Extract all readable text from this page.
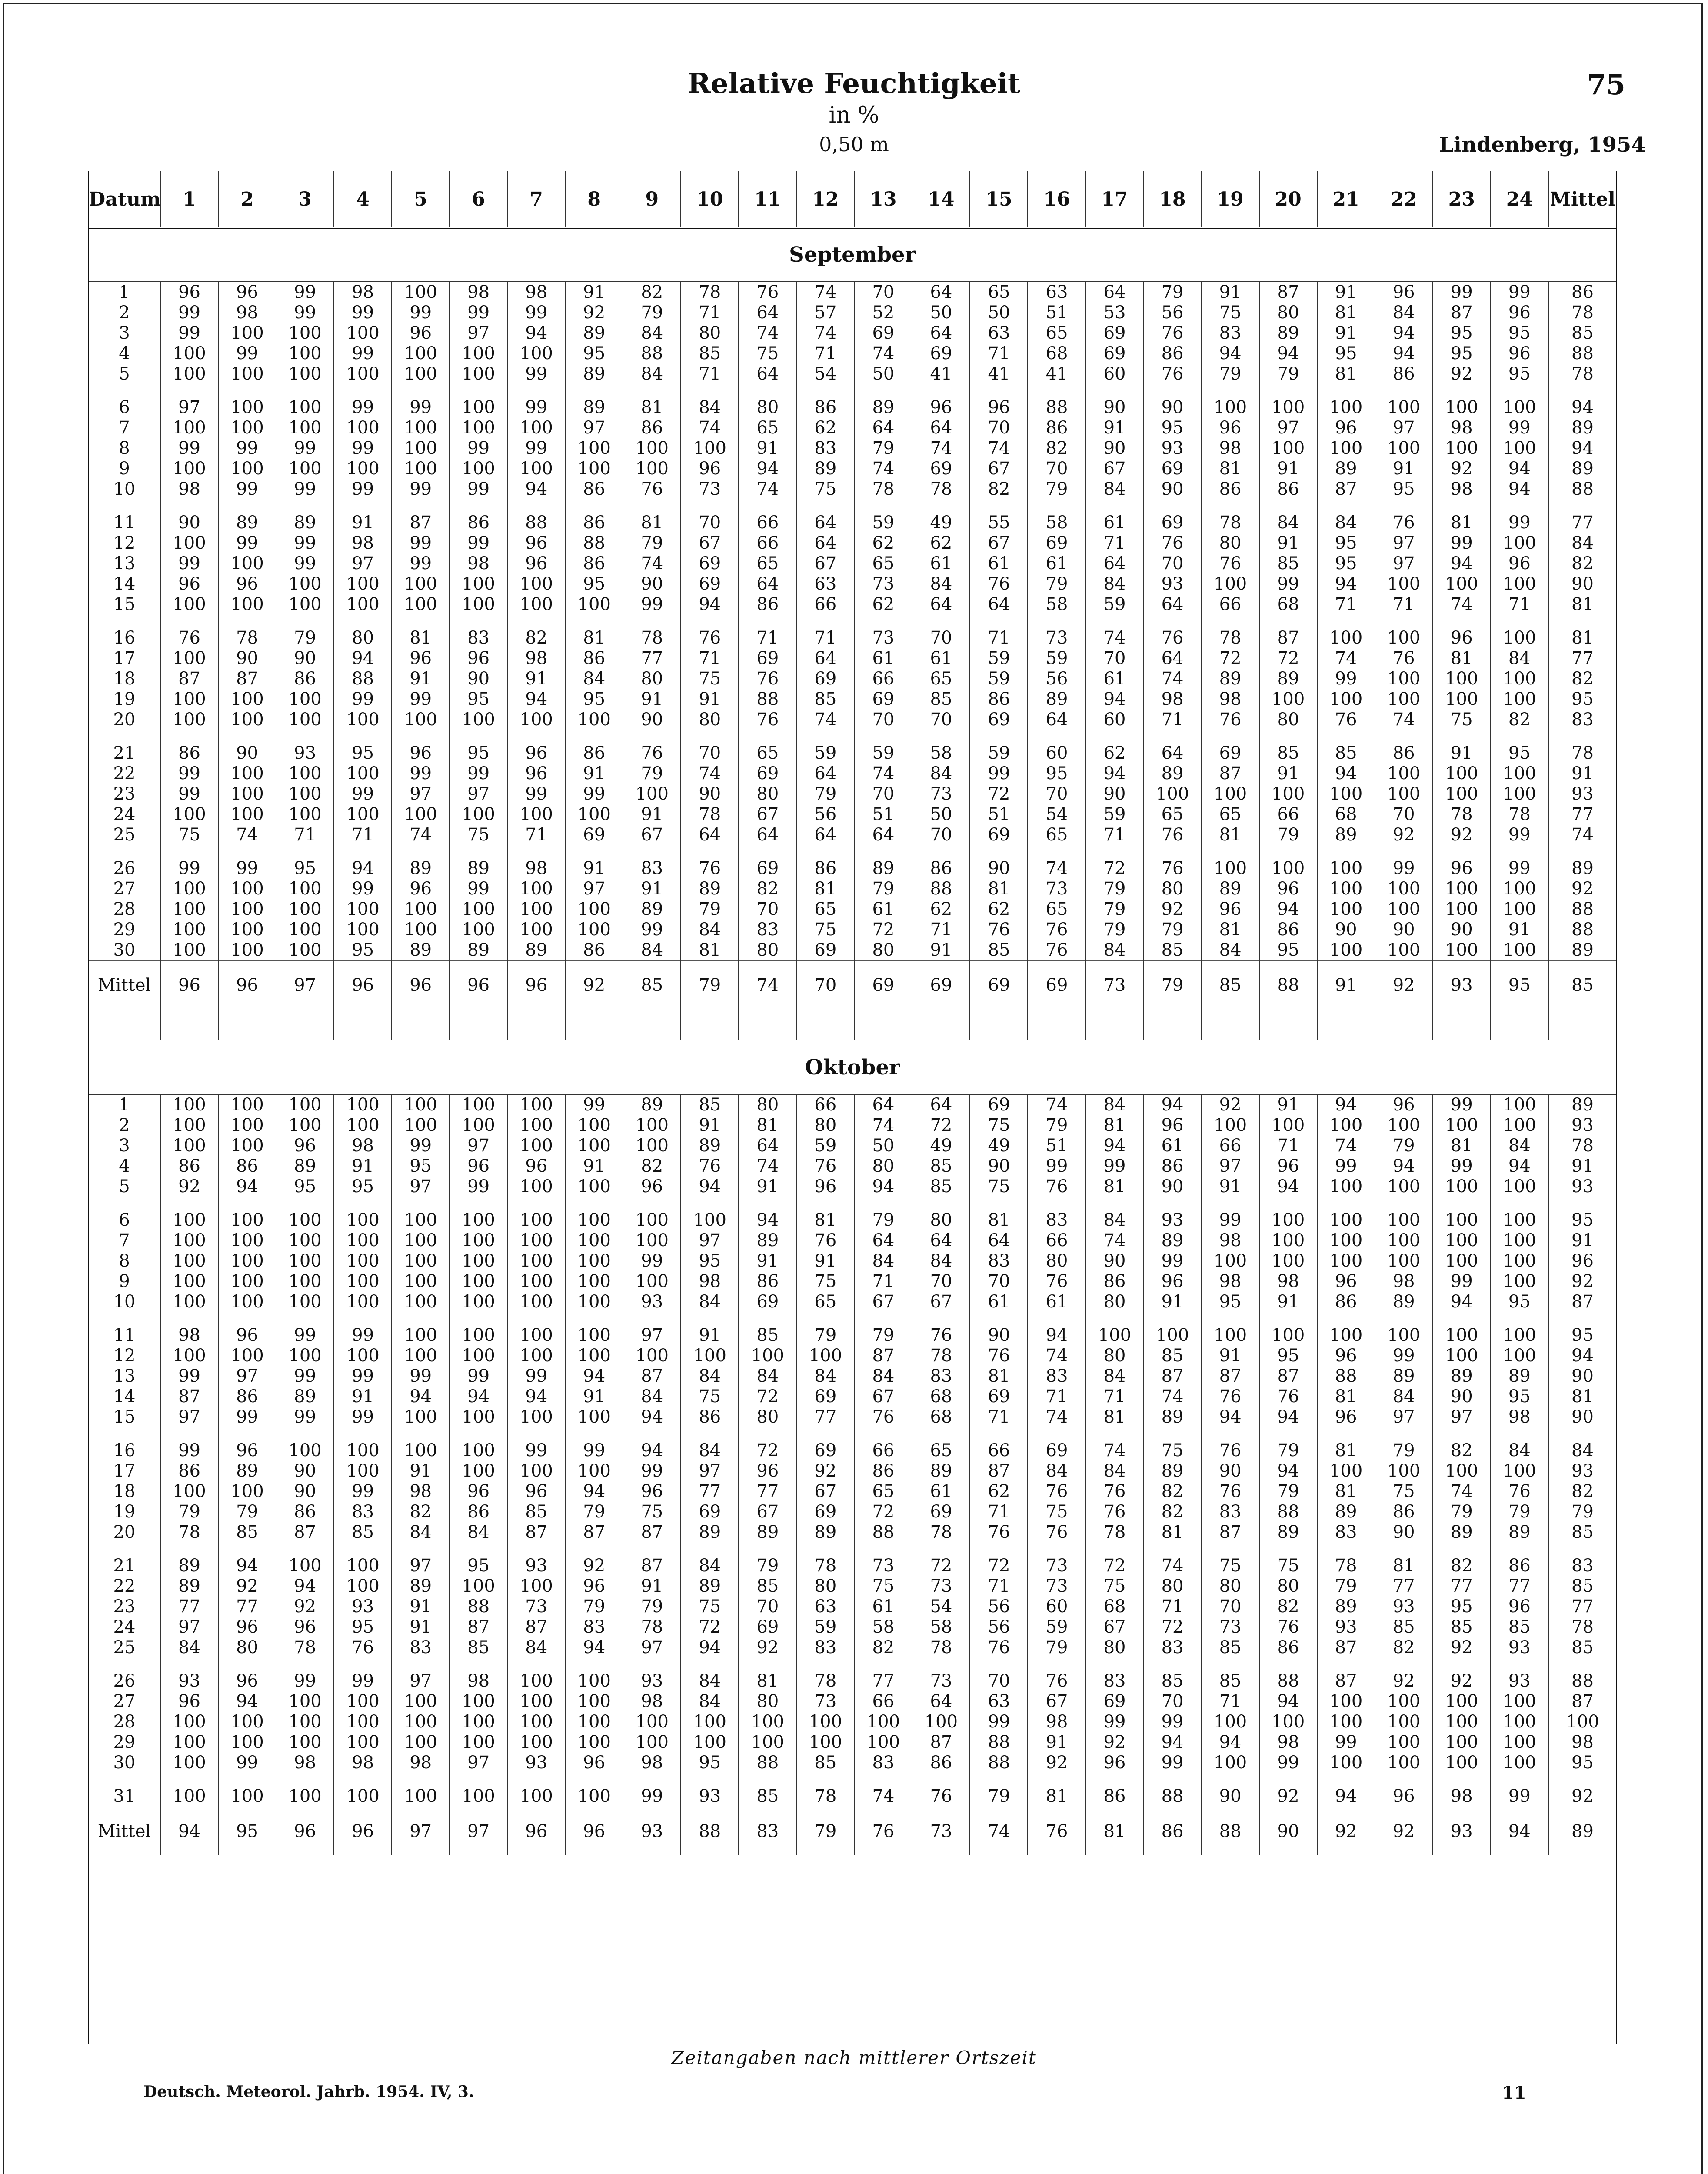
Relative Feuchtigkeit
in %
0,50 m
75
Lindenberg, 1954
Datum	1	2	3	4	5	6	7	8	9	10	11	12	13	14	15	16	17	18	19	20	21	22	23	24	Mittel
September																									
1	96	96	99	98	100	98	98	91	82	78	76	74	70	64	65	63	64	79	91	87	91	96	99	99	86
2	99	98	99	99	99	99	99	92	79	71	64	57	52	50	50	51	53	56	75	80	81	84	87	96	78
3	99	100	100	100	96	97	94	89	84	80	74	74	69	64	63	65	69	76	83	89	91	94	95	95	85
4	100	99	100	99	100	100	100	95	88	85	75	71	74	69	71	68	69	86	94	94	95	94	95	96	88
5	100	100	100	100	100	100	99	89	84	71	64	54	50	41	41	41	60	76	79	79	81	86	92	95	78

6	97	100	100	99	99	100	99	89	81	84	80	86	89	96	96	88	90	90	100	100	100	100	100	100	94
7	100	100	100	100	100	100	100	97	86	74	65	62	64	64	70	86	91	95	96	97	96	97	98	99	89
8	99	99	99	99	100	99	99	100	100	100	91	83	79	74	74	82	90	93	98	100	100	100	100	100	94
9	100	100	100	100	100	100	100	100	100	96	94	89	74	69	67	70	67	69	81	91	89	91	92	94	89
10	98	99	99	99	99	99	94	86	76	73	74	75	78	78	82	79	84	90	86	86	87	95	98	94	88

11	90	89	89	91	87	86	88	86	81	70	66	64	59	49	55	58	61	69	78	84	84	76	81	99	77
12	100	99	99	98	99	99	96	88	79	67	66	64	62	62	67	69	71	76	80	91	95	97	99	100	84
13	99	100	99	97	99	98	96	86	74	69	65	67	65	61	61	61	64	70	76	85	95	97	94	96	82
14	96	96	100	100	100	100	100	95	90	69	64	63	73	84	76	79	84	93	100	99	94	100	100	100	90
15	100	100	100	100	100	100	100	100	99	94	86	66	62	64	64	58	59	64	66	68	71	71	74	71	81

16	76	78	79	80	81	83	82	81	78	76	71	71	73	70	71	73	74	76	78	87	100	100	96	100	81
17	100	90	90	94	96	96	98	86	77	71	69	64	61	61	59	59	70	64	72	72	74	76	81	84	77
18	87	87	86	88	91	90	91	84	80	75	76	69	66	65	59	56	61	74	89	89	99	100	100	100	82
19	100	100	100	99	99	95	94	95	91	91	88	85	69	85	86	89	94	98	98	100	100	100	100	100	95
20	100	100	100	100	100	100	100	100	90	80	76	74	70	70	69	64	60	71	76	80	76	74	75	82	83

21	86	90	93	95	96	95	96	86	76	70	65	59	59	58	59	60	62	64	69	85	85	86	91	95	78
22	99	100	100	100	99	99	96	91	79	74	69	64	74	84	99	95	94	89	87	91	94	100	100	100	91
23	99	100	100	99	97	97	99	99	100	90	80	79	70	73	72	70	90	100	100	100	100	100	100	100	93
24	100	100	100	100	100	100	100	100	91	78	67	56	51	50	51	54	59	65	65	66	68	70	78	78	77
25	75	74	71	71	74	75	71	69	67	64	64	64	64	70	69	65	71	76	81	79	89	92	92	99	74

26	99	99	95	94	89	89	98	91	83	76	69	86	89	86	90	74	72	76	100	100	100	99	96	99	89
27	100	100	100	99	96	99	100	97	91	89	82	81	79	88	81	73	79	80	89	96	100	100	100	100	92
28	100	100	100	100	100	100	100	100	89	79	70	65	61	62	62	65	79	92	96	94	100	100	100	100	88
29	100	100	100	100	100	100	100	100	99	84	83	75	72	71	76	76	79	79	81	86	90	90	90	91	88
30	100	100	100	95	89	89	89	86	84	81	80	69	80	91	85	76	84	85	84	95	100	100	100	100	89
Mittel	96	96	97	96	96	96	96	92	85	79	74	70	69	69	69	69	73	79	85	88	91	92	93	95	85

Oktober																									
1	100	100	100	100	100	100	100	99	89	85	80	66	64	64	69	74	84	94	92	91	94	96	99	100	89
2	100	100	100	100	100	100	100	100	100	91	81	80	74	72	75	79	81	96	100	100	100	100	100	100	93
3	100	100	96	98	99	97	100	100	100	89	64	59	50	49	49	51	94	61	66	71	74	79	81	84	78
4	86	86	89	91	95	96	96	91	82	76	74	76	80	85	90	99	99	86	97	96	99	94	99	94	91
5	92	94	95	95	97	99	100	100	96	94	91	96	94	85	75	76	81	90	91	94	100	100	100	100	93

6	100	100	100	100	100	100	100	100	100	100	94	81	79	80	81	83	84	93	99	100	100	100	100	100	95
7	100	100	100	100	100	100	100	100	100	97	89	76	64	64	64	66	74	89	98	100	100	100	100	100	91
8	100	100	100	100	100	100	100	100	99	95	91	91	84	84	83	80	90	99	100	100	100	100	100	100	96
9	100	100	100	100	100	100	100	100	100	98	86	75	71	70	70	76	86	96	98	98	96	98	99	100	92
10	100	100	100	100	100	100	100	100	93	84	69	65	67	67	61	61	80	91	95	91	86	89	94	95	87

11	98	96	99	99	100	100	100	100	97	91	85	79	79	76	90	94	100	100	100	100	100	100	100	100	95
12	100	100	100	100	100	100	100	100	100	100	100	100	87	78	76	74	80	85	91	95	96	99	100	100	94
13	99	97	99	99	99	99	99	94	87	84	84	84	84	83	81	83	84	87	87	87	88	89	89	89	90
14	87	86	89	91	94	94	94	91	84	75	72	69	67	68	69	71	71	74	76	76	81	84	90	95	81
15	97	99	99	99	100	100	100	100	94	86	80	77	76	68	71	74	81	89	94	94	96	97	97	98	90

16	99	96	100	100	100	100	99	99	94	84	72	69	66	65	66	69	74	75	76	79	81	79	82	84	84
17	86	89	90	100	91	100	100	100	99	97	96	92	86	89	87	84	84	89	90	94	100	100	100	100	93
18	100	100	90	99	98	96	96	94	96	77	77	67	65	61	62	76	76	82	76	79	81	75	74	76	82
19	79	79	86	83	82	86	85	79	75	69	67	69	72	69	71	75	76	82	83	88	89	86	79	79	79
20	78	85	87	85	84	84	87	87	87	89	89	89	88	78	76	76	78	81	87	89	83	90	89	89	85

21	89	94	100	100	97	95	93	92	87	84	79	78	73	72	72	73	72	74	75	75	78	81	82	86	83
22	89	92	94	100	89	100	100	96	91	89	85	80	75	73	71	73	75	80	80	80	79	77	77	77	85
23	77	77	92	93	91	88	73	79	79	75	70	63	61	54	56	60	68	71	70	82	89	93	95	96	77
24	97	96	96	95	91	87	87	83	78	72	69	59	58	58	56	59	67	72	73	76	93	85	85	85	78
25	84	80	78	76	83	85	84	94	97	94	92	83	82	78	76	79	80	83	85	86	87	82	92	93	85

26	93	96	99	99	97	98	100	100	93	84	81	78	77	73	70	76	83	85	85	88	87	92	92	93	88
27	96	94	100	100	100	100	100	100	98	84	80	73	66	64	63	67	69	70	71	94	100	100	100	100	87
28	100	100	100	100	100	100	100	100	100	100	100	100	100	100	99	98	99	99	100	100	100	100	100	100	100
29	100	100	100	100	100	100	100	100	100	100	100	100	100	87	88	91	92	94	94	98	99	100	100	100	98
30	100	99	98	98	98	97	93	96	98	95	88	85	83	86	88	92	96	99	100	99	100	100	100	100	95

31	100	100	100	100	100	100	100	100	99	93	85	78	74	76	79	81	86	88	90	92	94	96	98	99	92
Mittel	94	95	96	96	97	97	96	96	93	88	83	79	76	73	74	76	81	86	88	90	92	92	93	94	89
Zeitangaben nach mittlerer Ortszeit
Deutsch. Meteorol. Jahrb. 1954. IV, 3.	11
